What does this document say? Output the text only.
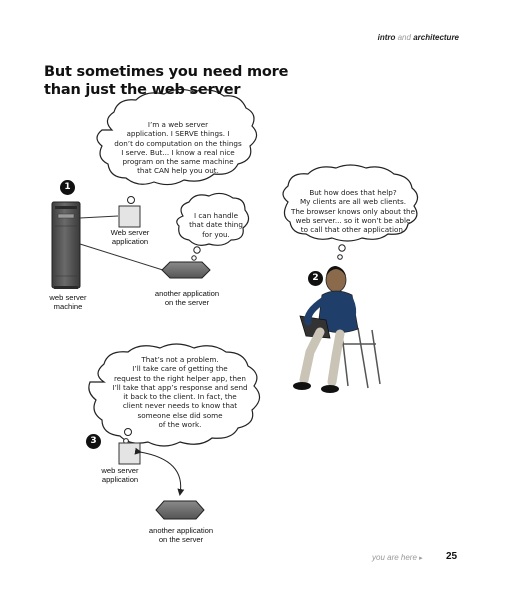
intro and architecture
But sometimes you need more
than just the web server
I’m a web server
application. I SERVE things. I
don’t do computation on the things
I serve. But... I know a real nice
program on the same machine
that CAN help you out.
I can handle
that date thing
for you.
But how does that help?
My clients are all web clients.
The browser knows only about the
web server... so it won’t be able
to call that other application.
That’s not a problem.
I’ll take care of getting the
request to the right helper app, then
I’ll take that app’s response and send
it back to the client. In fact, the
client never needs to know that
someone else did some
of the work.
1
2
3
web server
machine
Web server
application
another application
on the server
web server
application
another application
on the server
you are here ▸ 25
